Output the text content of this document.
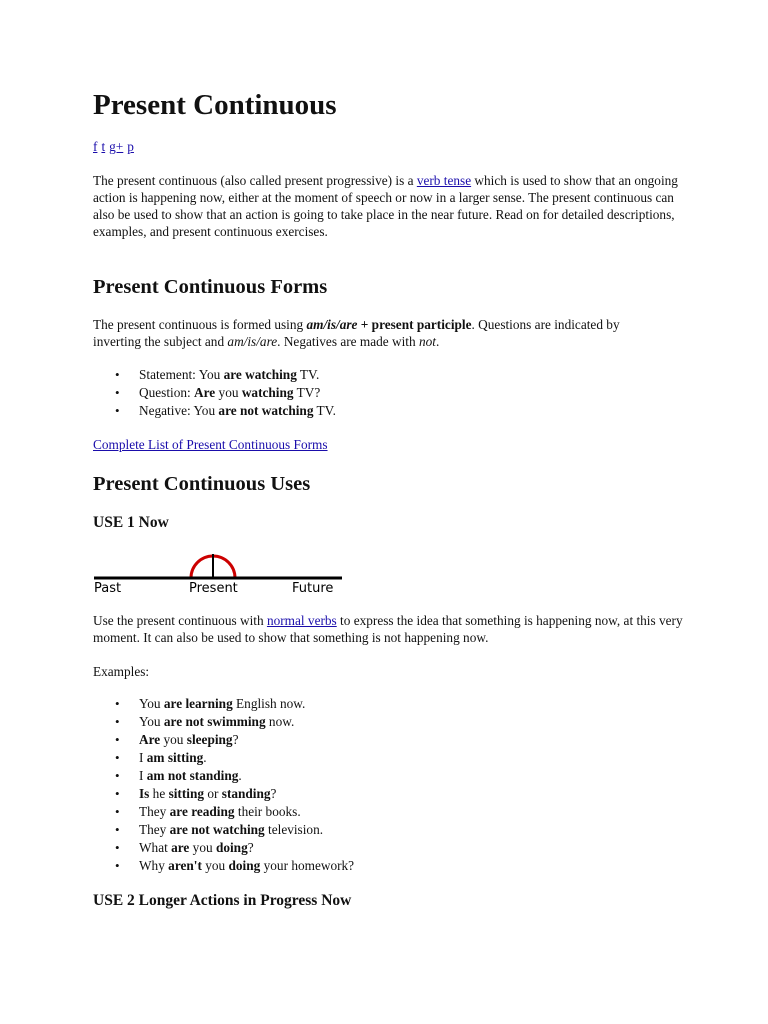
Present Continuous

f t g+ p

The present continuous (also called present progressive) is a verb tense which is used to show that an ongoing action is happening now, either at the moment of speech or now in a larger sense. The present continuous can also be used to show that an action is going to take place in the near future. Read on for detailed descriptions, examples, and present continuous exercises.

Present Continuous Forms

The present continuous is formed using am/is/are + present participle. Questions are indicated by inverting the subject and am/is/are. Negatives are made with not.

• Statement: You are watching TV.
• Question: Are you watching TV?
• Negative: You are not watching TV.

Complete List of Present Continuous Forms

Present Continuous Uses
USE 1 Now
Past	Present	Future

Use the present continuous with normal verbs to express the idea that something is happening now, at this very moment. It can also be used to show that something is not happening now.

Examples:

• You are learning English now.
• You are not swimming now.
• Are you sleeping?
• I am sitting.
• I am not standing.
• Is he sitting or standing?
• They are reading their books.
• They are not watching television.
• What are you doing?
• Why aren't you doing your homework?
USE 2 Longer Actions in Progress Now
